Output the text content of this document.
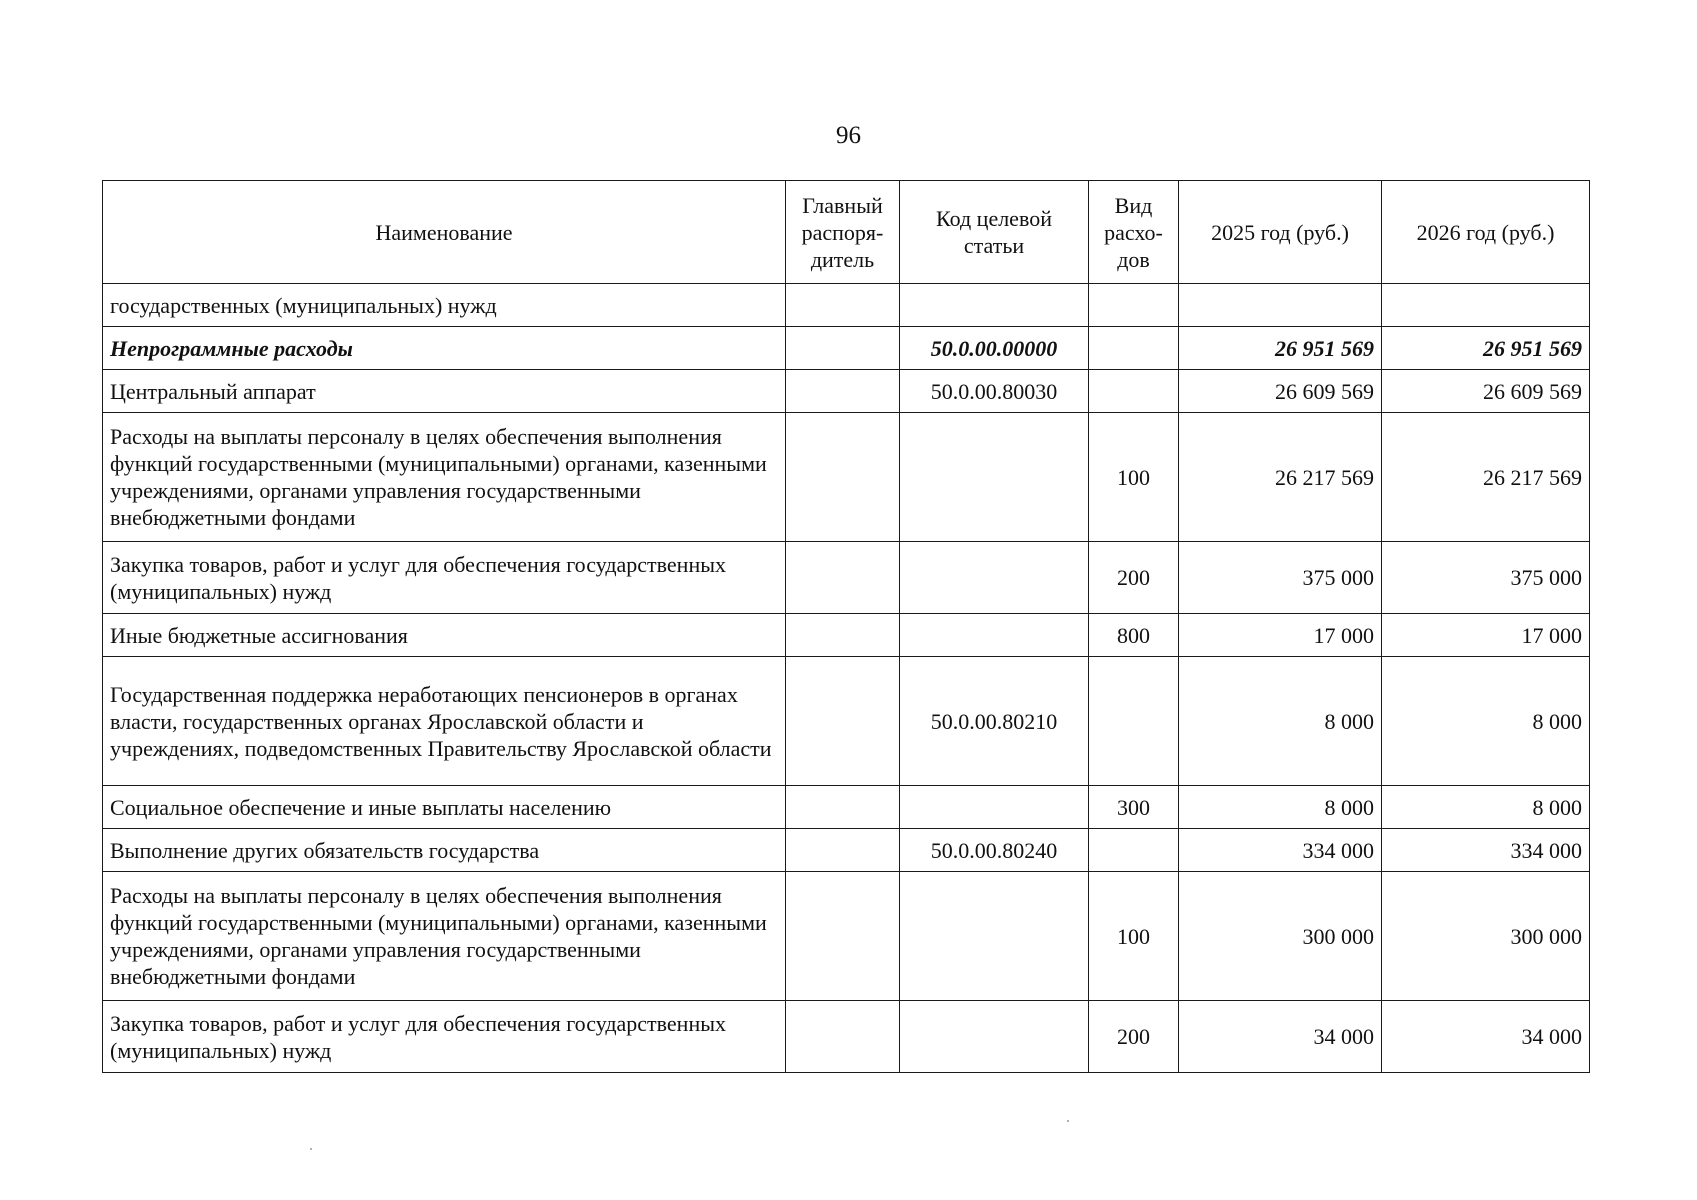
96
Наименование	Главный распоря-дитель	Код целевой статьи	Вид расхо-дов	2025 год (руб.)	2026 год (руб.)
государственных (муниципальных) нужд					
Непрограммные расходы		50.0.00.00000		26 951 569	26 951 569
Центральный аппарат		50.0.00.80030		26 609 569	26 609 569
Расходы на выплаты персоналу в целях обеспечения выполнения функций государственными (муниципальными) органами, казенными учреждениями, органами управления государственными внебюджетными фондами			100	26 217 569	26 217 569
Закупка товаров, работ и услуг для обеспечения государственных (муниципальных) нужд			200	375 000	375 000
Иные бюджетные ассигнования			800	17 000	17 000
Государственная поддержка неработающих пенсионеров в органах власти, государственных органах Ярославской области и учреждениях, подведомственных Правительству Ярославской области		50.0.00.80210		8 000	8 000
Социальное обеспечение и иные выплаты населению			300	8 000	8 000
Выполнение других обязательств государства		50.0.00.80240		334 000	334 000
Расходы на выплаты персоналу в целях обеспечения выполнения функций государственными (муниципальными) органами, казенными учреждениями, органами управления государственными внебюджетными фондами			100	300 000	300 000
Закупка товаров, работ и услуг для обеспечения государственных (муниципальных) нужд			200	34 000	34 000
